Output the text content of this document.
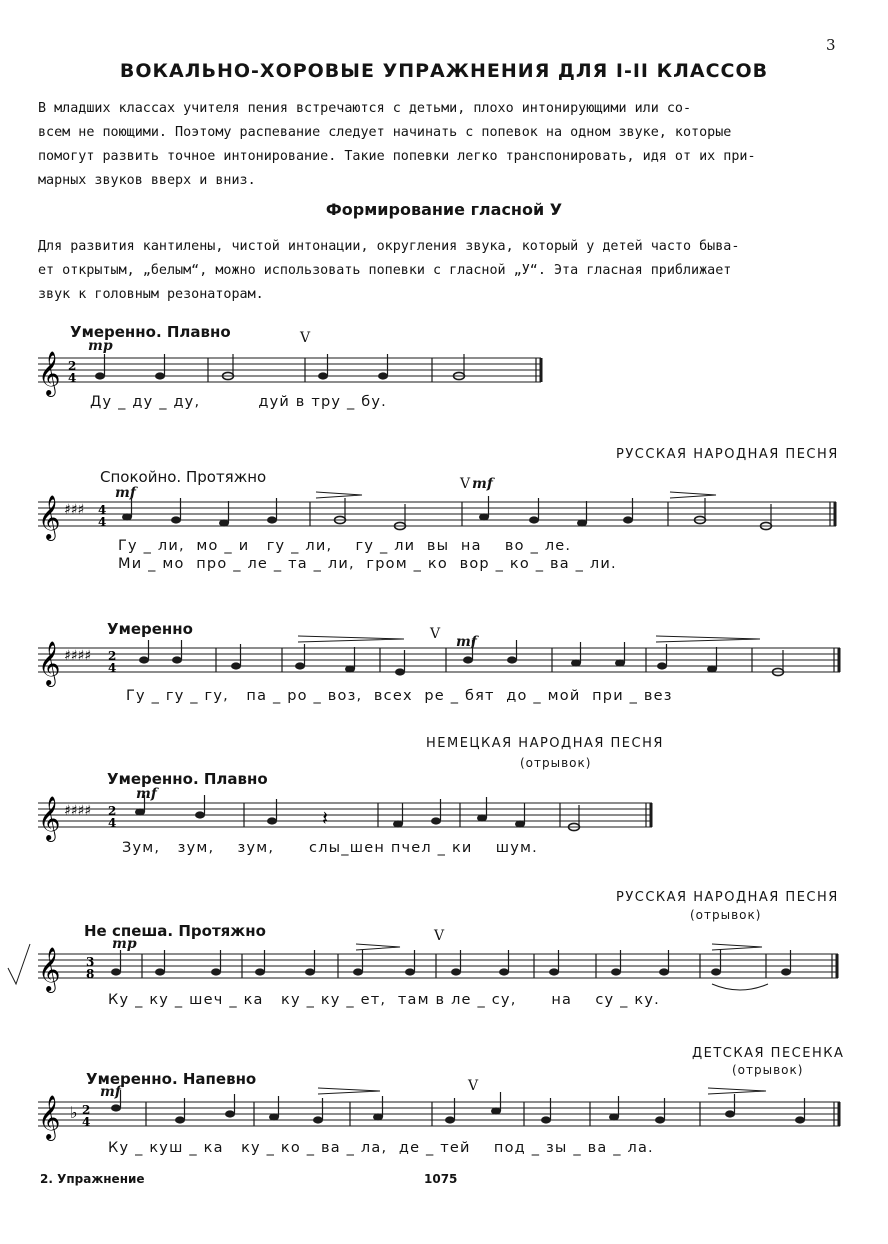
3
ВОКАЛЬНО-ХОРОВЫЕ УПРАЖНЕНИЯ ДЛЯ I-II КЛАССОВ
В младших классах учителя пения встречаются с детьми, плохо интонирующими или со-
всем не поющими. Поэтому распевание следует начинать с попевок на одном звуке, которые
помогут развить точное интонирование. Такие попевки легко транспонировать, идя от их при-
марных звуков вверх и вниз.
Формирование гласной У
Для развития кантилены, чистой интонации, округления звука, который у детей часто быва-
ет открытым, „белым“, можно использовать попевки с гласной „У“. Эта гласная приближает
звук к головным резонаторам.
Умеренно. Плавно
mp	V
𝄞 2
4
Ду _ ду _ ду,          дуй в тру _ бу.
РУССКАЯ НАРОДНАЯ ПЕСНЯ
Спокойно. Протяжно
mf
V mf
𝄞 ♯♯♯ 4
4
Гу _ ли,  мо _ и   гу _ ли,    гу _ ли  вы  на    во _ ле.
Ми _ мо  про _ ле _ та _ ли,  гром _ ко  вор _ ко _ ва _ ли.
Умеренно	V mf
𝄞 ♯♯♯♯ 2
4
Гу _ гу _ гу,   па _ ро _ воз,  всех  ре _ бят  до _ мой  при _ вез
НЕМЕЦКАЯ НАРОДНАЯ ПЕСНЯ
(отрывок)
Умеренно. Плавно
mf
𝄞 ♯♯♯♯ 2
4	𝄽
Зум,   зум,    зум,      слы_шен пчел _ ки    шум.
РУССКАЯ НАРОДНАЯ ПЕСНЯ
(отрывок)
Не спеша. Протяжно
mp	V
𝄞 3
8
Ку _ ку _ шеч _ ка   ку _ ку _ ет,  там в ле _ су,      на    су _ ку.
ДЕТСКАЯ ПЕСЕНКА
(отрывок)
Умеренно. Напевно
mf	V
𝄞 ♭ 2
4
Ку _ куш _ ка   ку _ ко _ ва _ ла,  де _ тей    под _ зы _ ва _ ла.
2. Упражнение	1075
